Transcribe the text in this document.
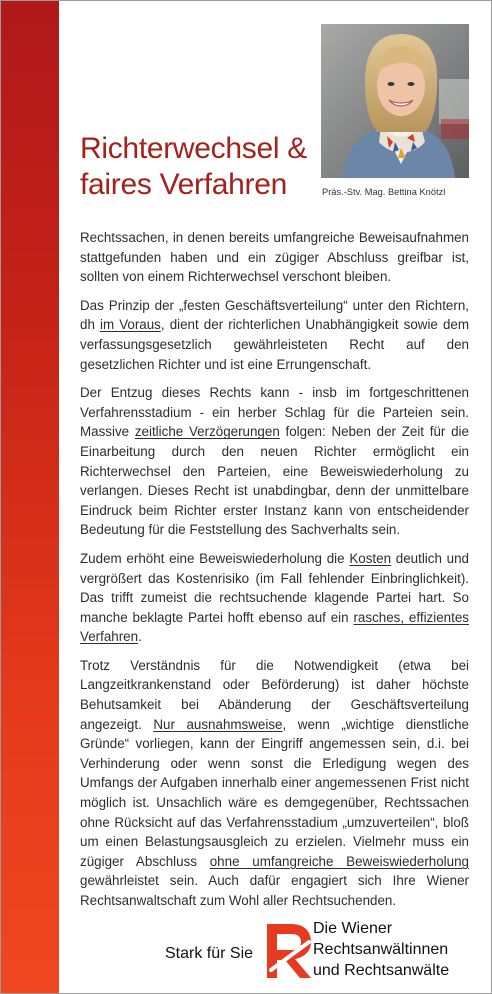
Richterwechsel &
faires Verfahren	Präs.-Stv. Mag. Bettina Knötzl

Rechtssachen, in denen bereits umfangreiche Beweisaufnahmen stattgefunden haben und ein zügiger Abschluss greifbar ist, sollten von einem Richterwechsel verschont bleiben.

Das Prinzip der „festen Geschäftsverteilung“ unter den Richtern, dh im Voraus, dient der richterlichen Unabhängigkeit sowie dem verfassungsgesetzlich gewährleisteten Recht auf den gesetzlichen Richter und ist eine Errungenschaft.

Der Entzug dieses Rechts kann - insb im fortgeschrittenen Verfahrensstadium - ein herber Schlag für die Parteien sein. Massive zeitliche Verzögerungen folgen: Neben der Zeit für die Einarbeitung durch den neuen Richter ermöglicht ein Richterwechsel den Parteien, eine Beweiswiederholung zu verlangen. Dieses Recht ist unabdingbar, denn der unmittelbare Eindruck beim Richter erster Instanz kann von entscheidender Bedeutung für die Feststellung des Sachverhalts sein.

Zudem erhöht eine Beweiswiederholung die Kosten deutlich und vergrößert das Kostenrisiko (im Fall fehlender Einbringlichkeit). Das trifft zumeist die rechtsuchende klagende Partei hart. So manche beklagte Partei hofft ebenso auf ein rasches, effizientes Verfahren.

Trotz Verständnis für die Notwendigkeit (etwa bei Langzeitkrankenstand oder Beförderung) ist daher höchste Behutsamkeit bei Abänderung der Geschäftsverteilung angezeigt. Nur ausnahmsweise, wenn „wichtige dienstliche Gründe“ vorliegen, kann der Eingriff angemessen sein, d.i. bei Verhinderung oder wenn sonst die Erledigung wegen des Umfangs der Aufgaben innerhalb einer angemessenen Frist nicht möglich ist. Unsachlich wäre es demgegenüber, Rechtssachen ohne Rücksicht auf das Verfahrensstadium „umzuverteilen“, bloß um einen Belastungsausgleich zu erzielen. Vielmehr muss ein zügiger Abschluss ohne umfangreiche Beweiswiederholung gewährleistet sein. Auch dafür engagiert sich Ihre Wiener Rechtsanwaltschaft zum Wohl aller Rechtsuchenden.

Stark für Sie
Die Wiener
Rechtsanwältinnen
und Rechtsanwälte
